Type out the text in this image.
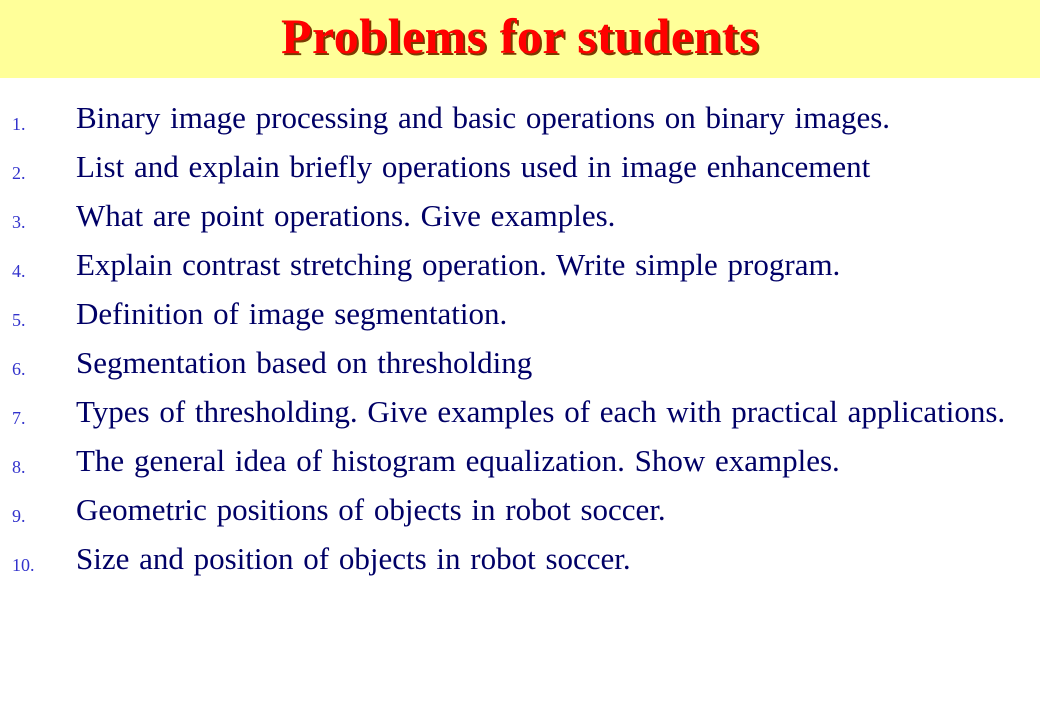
Problems for students
1. Binary image processing and basic operations on binary images.
2. List and explain briefly operations used in image enhancement
3. What are point operations. Give examples.
4. Explain contrast stretching operation. Write simple program.
5. Definition of image segmentation.
6. Segmentation based on thresholding
7. Types of thresholding. Give examples of each with practical applications.
8. The general idea of histogram equalization. Show examples.
9. Geometric positions of objects in robot soccer.
10. Size and position of objects in robot soccer.
